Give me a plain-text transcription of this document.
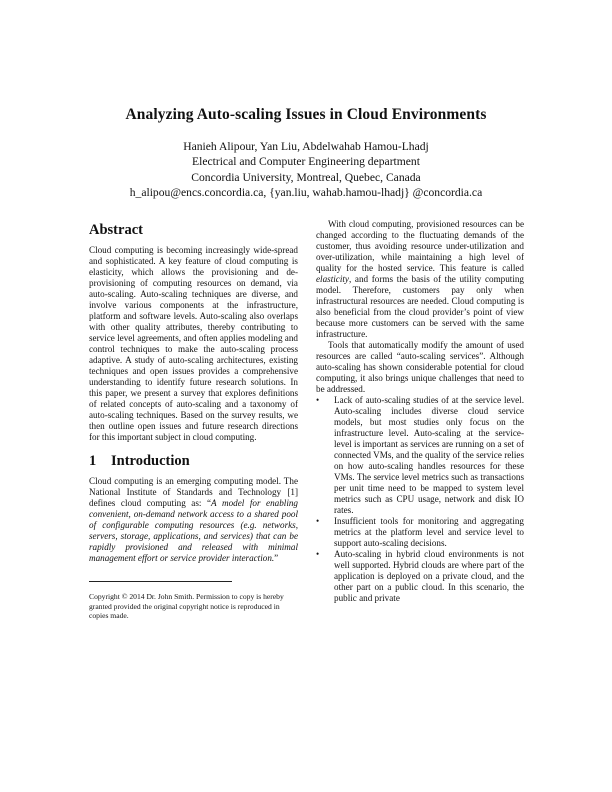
Analyzing Auto-scaling Issues in Cloud Environments
Hanieh Alipour, Yan Liu, Abdelwahab Hamou-Lhadj
Electrical and Computer Engineering department
Concordia University, Montreal, Quebec, Canada
h_alipou@encs.concordia.ca, {yan.liu, wahab.hamou-lhadj} @concordia.ca
Abstract

Cloud computing is becoming increasingly wide-spread and sophisticated. A key feature of cloud computing is elasticity, which allows the provisioning and de-provisioning of computing resources on demand, via auto-scaling. Auto-scaling techniques are diverse, and involve various components at the infrastructure, platform and software levels. Auto-scaling also overlaps with other quality attributes, thereby contributing to service level agreements, and often applies modeling and control techniques to make the auto-scaling process adaptive. A study of auto-scaling architectures, existing techniques and open issues provides a comprehensive understanding to identify future research solutions. In this paper, we present a survey that explores definitions of related concepts of auto-scaling and a taxonomy of auto-scaling techniques. Based on the survey results, we then outline open issues and future research directions for this important subject in cloud computing.

1 Introduction

Cloud computing is an emerging computing model. The National Institute of Standards and Technology [1] defines cloud computing as: “A model for enabling convenient, on-demand network access to a shared pool of configurable computing resources (e.g. networks, servers, storage, applications, and services) that can be rapidly provisioned and released with minimal management effort or service provider interaction.”

Copyright © 2014 Dr. John Smith. Permission to copy is hereby granted provided the original copyright notice is reproduced in copies made.

With cloud computing, provisioned resources can be changed according to the fluctuating demands of the customer, thus avoiding resource under-utilization and over-utilization, while maintaining a high level of quality for the hosted service. This feature is called elasticity, and forms the basis of the utility computing model. Therefore, customers pay only when infrastructural resources are needed. Cloud computing is also beneficial from the cloud provider’s point of view because more customers can be served with the same infrastructure.

Tools that automatically modify the amount of used resources are called “auto-scaling services”. Although auto-scaling has shown considerable potential for cloud computing, it also brings unique challenges that need to be addressed.

• Lack of auto-scaling studies of at the service level. Auto-scaling includes diverse cloud service models, but most studies only focus on the infrastructure level. Auto-scaling at the service-level is important as services are running on a set of connected VMs, and the quality of the service relies on how auto-scaling handles resources for these VMs. The service level metrics such as transactions per unit time need to be mapped to system level metrics such as CPU usage, network and disk IO rates.
• Insufficient tools for monitoring and aggregating metrics at the platform level and service level to support auto-scaling decisions.
• Auto-scaling in hybrid cloud environments is not well supported. Hybrid clouds are where part of the application is deployed on a private cloud, and the other part on a public cloud. In this scenario, the public and private
